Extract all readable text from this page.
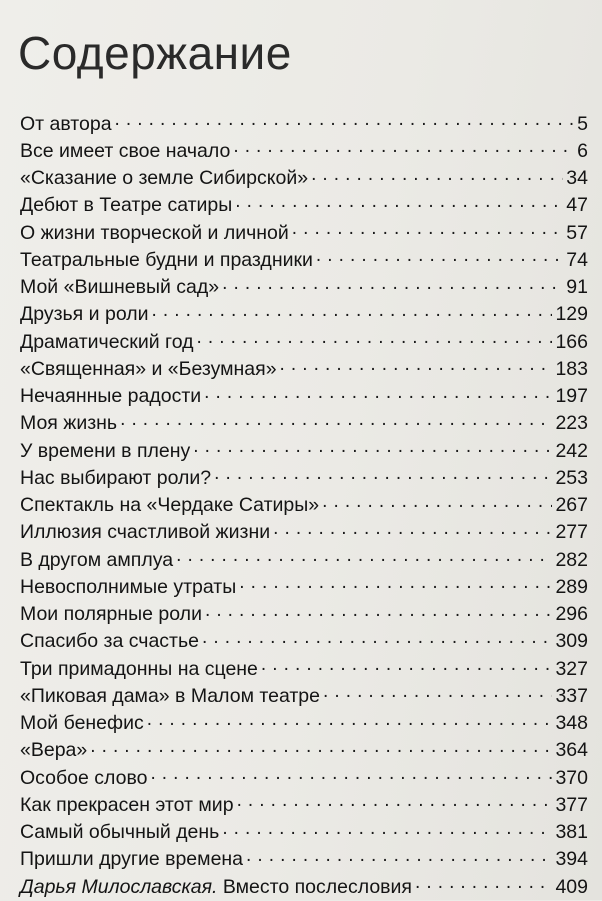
Содержание
От автора . . .	5
Все имеет свое начало . . .	6
«Сказание о земле Сибирской» . . .	34
Дебют в Театре сатиры . . .	47
О жизни творческой и личной . . .	57
Театральные будни и праздники . . .	74
Мой «Вишневый сад» . . .	91
Друзья и роли . . .	129
Драматический год . . .	166
«Священная» и «Безумная» . . .	183
Нечаянные радости . . .	197
Моя жизнь . . .	223
У времени в плену . . .	242
Нас выбирают роли? . . .	253
Спектакль на «Чердаке Сатиры» . . .	267
Иллюзия счастливой жизни . . .	277
В другом амплуа . . .	282
Невосполнимые утраты . . .	289
Мои полярные роли . . .	296
Спасибо за счастье . . .	309
Три примадонны на сцене . . .	327
«Пиковая дама» в Малом театре . . .	337
Мой бенефис . . .	348
«Вера» . . .	364
Особое слово . . .	370
Как прекрасен этот мир . . .	377
Самый обычный день . . .	381
Пришли другие времена . . .	394
Дарья Милославская. Вместо послесловия . . .	409
